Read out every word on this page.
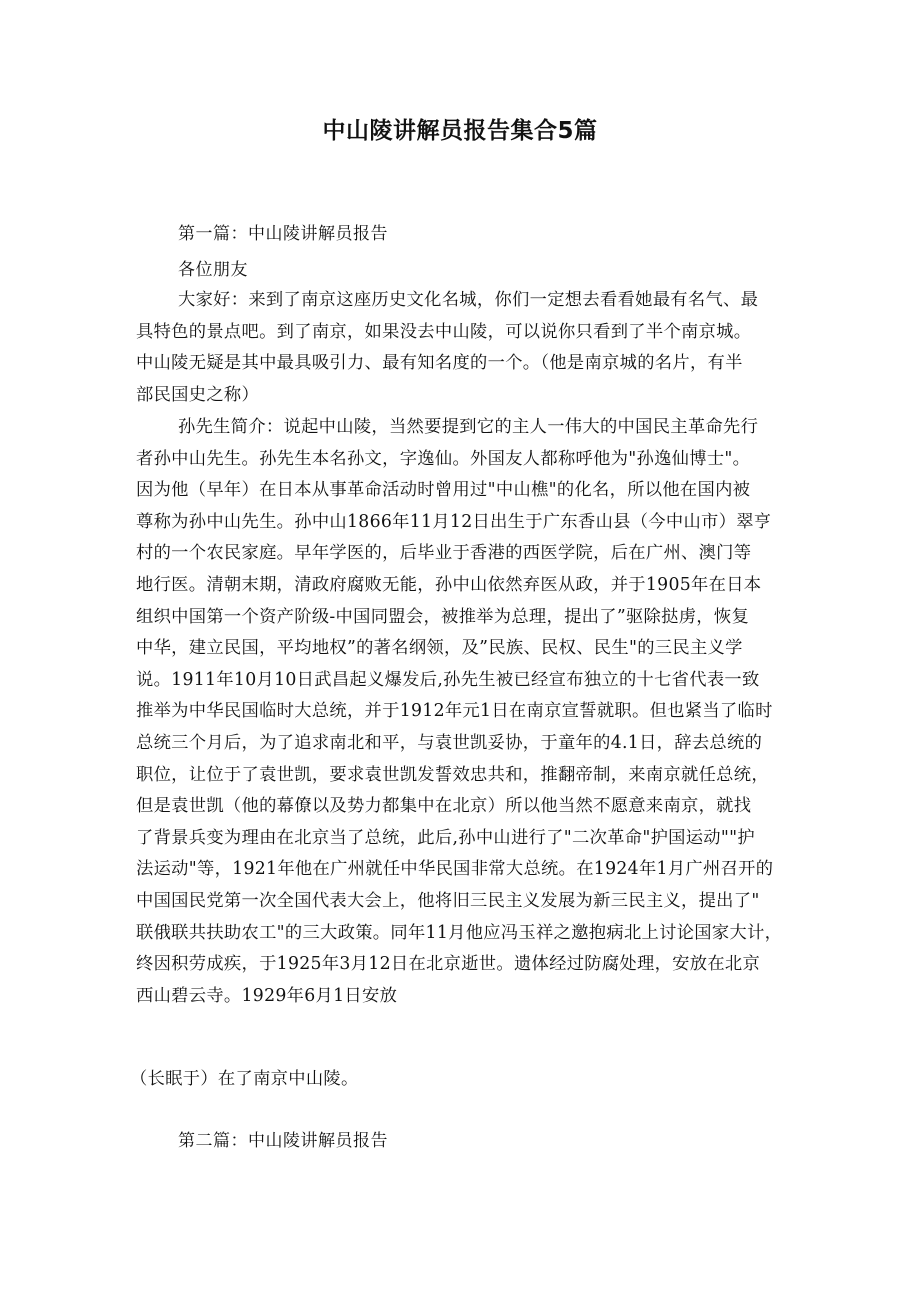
中山陵讲解员报告集合5篇
第一篇：中山陵讲解员报告
各位朋友
大家好：来到了南京这座历史文化名城，你们一定想去看看她最有名气、最
具特色的景点吧。到了南京，如果没去中山陵，可以说你只看到了半个南京城。
中山陵无疑是其中最具吸引力、最有知名度的一个。（他是南京城的名片，有半
部民国史之称）
孙先生简介：说起中山陵，当然要提到它的主人一伟大的中国民主革命先行
者孙中山先生。孙先生本名孙文，字逸仙。外国友人都称呼他为"孙逸仙博士"。
因为他（早年）在日本从事革命活动时曾用过"中山樵"的化名，所以他在国内被
尊称为孙中山先生。孙中山1866年11月12日出生于广东香山县（今中山市）翠亨
村的一个农民家庭。早年学医的，后毕业于香港的西医学院，后在广州、澳门等
地行医。清朝末期，清政府腐败无能，孙中山依然弃医从政，并于1905年在日本
组织中国第一个资产阶级-中国同盟会，被推举为总理，提出了”驱除挞虏，恢复
中华，建立民国，平均地权”的著名纲领，及”民族、民权、民生"的三民主义学
说。1911年10月10日武昌起义爆发后,孙先生被已经宣布独立的十七省代表一致
推举为中华民国临时大总统，并于1912年元1日在南京宣誓就职。但也紧当了临时
总统三个月后，为了追求南北和平，与袁世凯妥协，于童年的4.1日，辞去总统的
职位，让位于了袁世凯，要求袁世凯发誓效忠共和，推翻帝制，来南京就任总统，
但是袁世凯（他的幕僚以及势力都集中在北京）所以他当然不愿意来南京，就找
了背景兵变为理由在北京当了总统，此后,孙中山进行了"二次革命"护国运动""护
法运动"等，1921年他在广州就任中华民国非常大总统。在1924年1月广州召开的
中国国民党第一次全国代表大会上，他将旧三民主义发展为新三民主义，提出了"
联俄联共扶助农工"的三大政策。同年11月他应冯玉祥之邀抱病北上讨论国家大计，
终因积劳成疾，于1925年3月12日在北京逝世。遗体经过防腐处理，安放在北京
西山碧云寺。1929年6月1日安放
（长眠于）在了南京中山陵。
第二篇：中山陵讲解员报告
